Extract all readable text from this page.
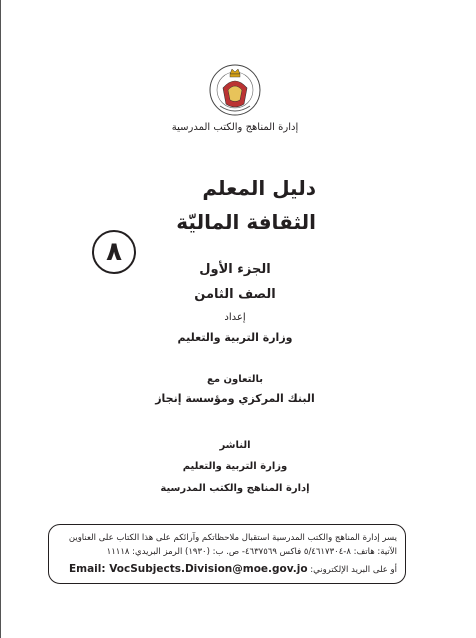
إدارة المناهج والكتب المدرسية
دليل المعلم
الثقافة الماليّة
٨
الجزء الأول
الصف الثامن
إعداد
وزارة التربية والتعليم
بالتعاون مع
البنك المركزي ومؤسسة إنجاز
الناشر
وزارة التربية والتعليم
إدارة المناهج والكتب المدرسية
يسر إدارة المناهج والكتب المدرسية استقبال ملاحظاتكم وآرائكم على هذا الكتاب على العناوين
الآتية: هاتف: ٨-٥/٤٦١٧٣٠٤ فاكس ٤٦٣٧٥٦٩- ص. ب: (١٩٣٠) الرمز البريدي: ١١١١٨
أو على البريد الإلكتروني: Email: VocSubjects.Division@moe.gov.jo
